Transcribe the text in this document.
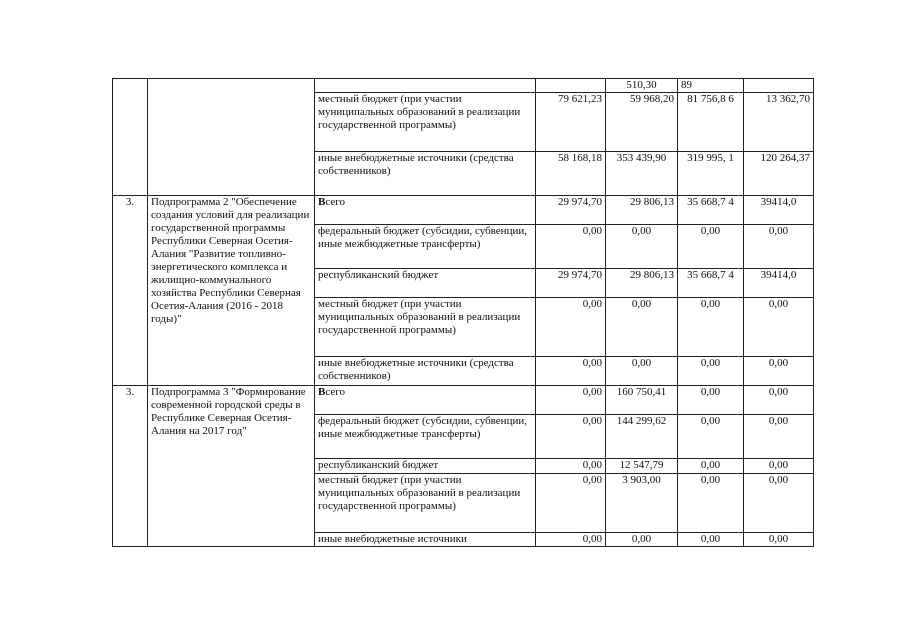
				510,30	89	
		местный бюджет (при участии муниципальных образований в реализации государственной программы)	79 621,23	59 968,20	81 756,8 6	13 362,70
		иные внебюджетные источники (средства собственников)	58 168,18	353 439,90	319 995, 1	120 264,37
3.	Подпрограмма 2 "Обеспечение создания условий для реализации государственной программы Республики Северная Осетия-Алания "Развитие топливно-энергетического комплекса и жилищно-коммунального хозяйства Республики Северная Осетия-Алания (2016 - 2018 годы)"	Всего	29 974,70	29 806,13	35 668,7 4	39414,0
		федеральный бюджет (субсидии, субвенции, иные межбюджетные трансферты)	0,00	0,00	0,00	0,00
		республиканский бюджет	29 974,70	29 806,13	35 668,7 4	39414,0
		местный бюджет (при участии муниципальных образований в реализации государственной программы)	0,00	0,00	0,00	0,00
		иные внебюджетные источники (средства собственников)	0,00	0,00	0,00	0,00
3.	Подпрограмма 3 "Формирование современной городской среды в Республике Северная Осетия-Алания на 2017 год"	Всего	0,00	160 750,41	0,00	0,00
		федеральный бюджет (субсидии, субвенции, иные межбюджетные трансферты)	0,00	144 299,62	0,00	0,00
		республиканский бюджет	0,00	12 547,79	0,00	0,00
		местный бюджет (при участии муниципальных образований в реализации государственной программы)	0,00	3 903,00	0,00	0,00
		иные внебюджетные источники	0,00	0,00	0,00	0,00
